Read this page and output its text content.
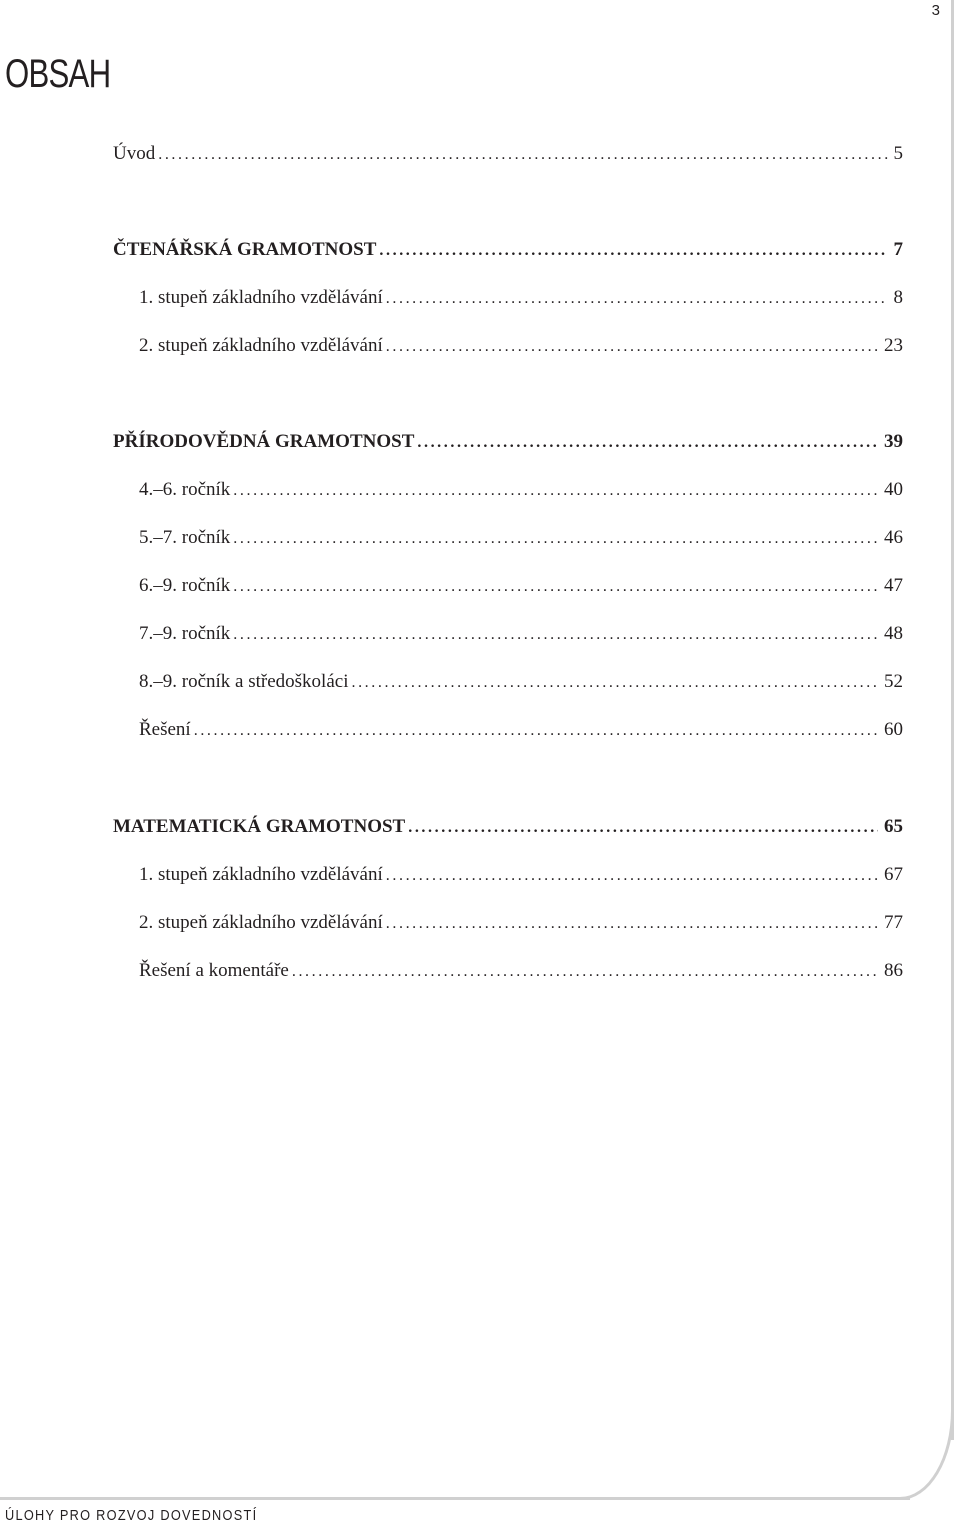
3
OBSAH
Úvod .....	5
ČTENÁŘSKÁ GRAMOTNOST .....	7
1. stupeň základního vzdělávání .....	8
2. stupeň základního vzdělávání .....	23
PŘÍRODOVĚDNÁ GRAMOTNOST .....	39
4.–6. ročník .....	40
5.–7. ročník .....	46
6.–9. ročník .....	47
7.–9. ročník .....	48
8.–9. ročník a středoškoláci .....	52
Řešení .....	60
MATEMATICKÁ GRAMOTNOST .....	65
1. stupeň základního vzdělávání .....	67
2. stupeň základního vzdělávání .....	77
Řešení a komentáře .....	86
ÚLOHY PRO ROZVOJ DOVEDNOSTÍ
